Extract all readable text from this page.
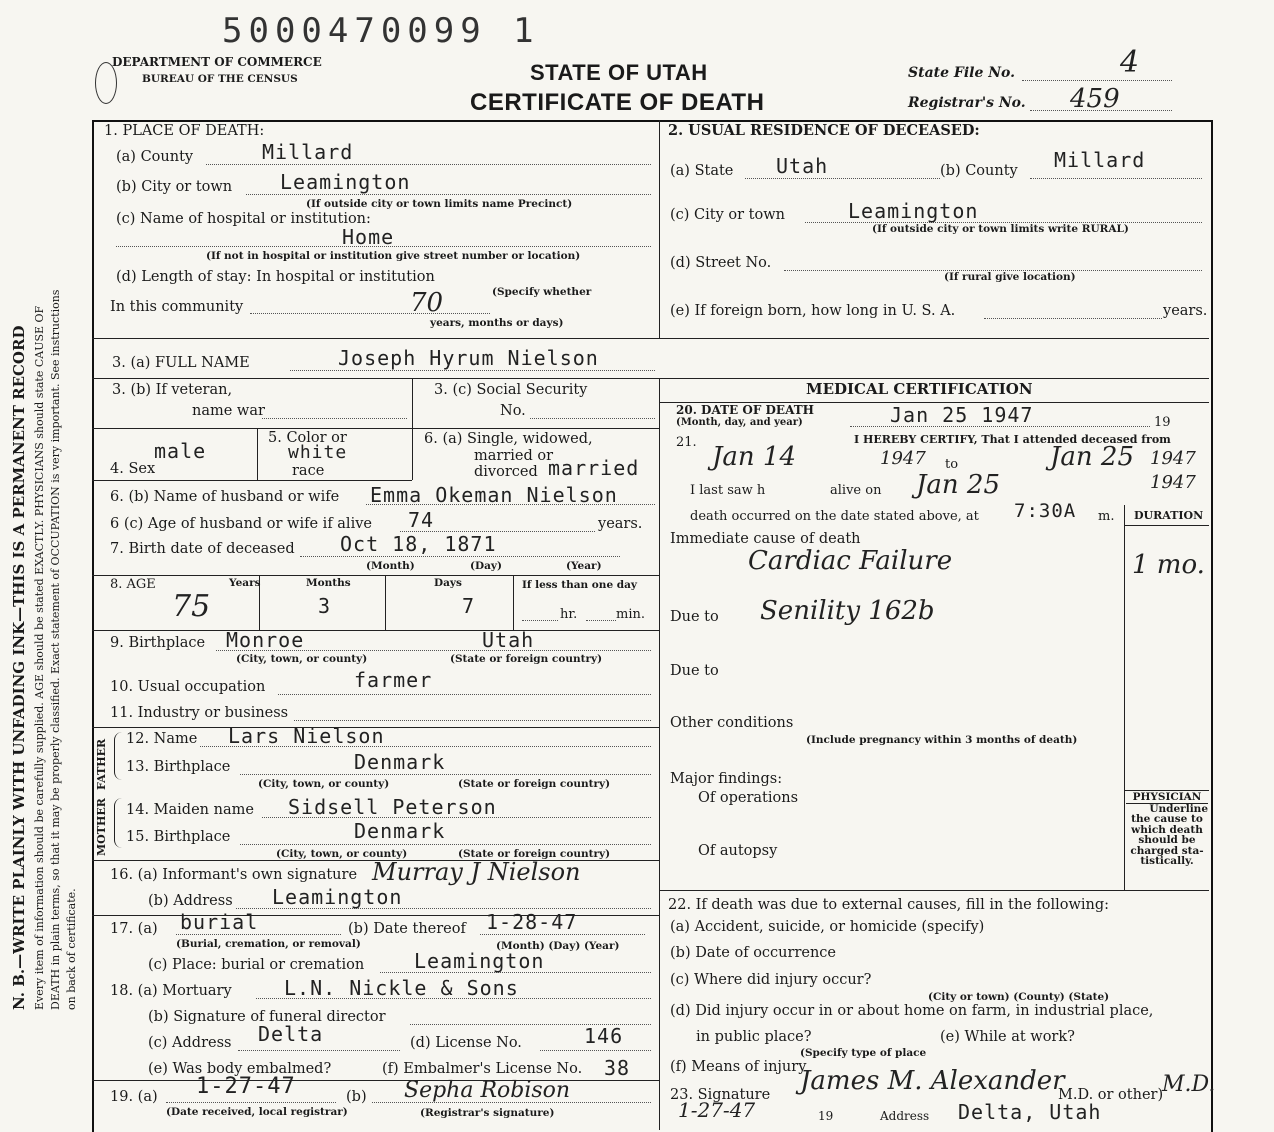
N. B.—WRITE PLAINLY WITH UNFADING INK—THIS IS A PERMANENT RECORD Every item of information should be carefully supplied. AGE should be stated EXACTLY. PHYSICIANS should state CAUSE OF DEATH in plain terms, so that it may be properly classified. Exact statement of OCCUPATION is very important. See instructions on back of certificate.
5000470099 1
DEPARTMENT OF COMMERCE
BUREAU OF THE CENSUS	STATE OF UTAH
CERTIFICATE OF DEATH
State File No.	4
Registrar's No. 459
1. PLACE OF DEATH:
(a) County	Millard
(b) City or town Leamington
(If outside city or town limits name Precinct)
(c) Name of hospital or institution:
Home
(If not in hospital or institution give street number or location)
(d) Length of stay: In hospital or institution
(Specify whether
In this community	70
years, months or days)
2. USUAL RESIDENCE OF DECEASED:
(a) State Utah	(b) County Millard
(c) City or town	Leamington
(If outside city or town limits write RURAL)
(d) Street No.
(If rural give location)
(e) If foreign born, how long in U. S. A.	years.
3. (a) FULL NAME	Joseph Hyrum Nielson
3. (b) If veteran,
name war
3. (c) Social Security
No.
male
4. Sex
5. Color or
white
race
6. (a) Single, widowed,
married or
divorced married
6. (b) Name of husband or wife Emma Okeman Nielson
6 (c) Age of husband or wife if alive 74	years.
7. Birth date of deceased Oct 18, 1871
(Month)	(Day)	(Year)
8. AGE	Years
75
Months
3
Days
7
If less than one day
hr.	min.
9. Birthplace Monroe	Utah
(City, town, or county)	(State or foreign country)
10. Usual occupation	farmer
11. Industry or business
FATHER
MOTHER
12. Name Lars Nielson
13. Birthplace	Denmark
(City, town, or county)	(State or foreign country)
14. Maiden name Sidsell Peterson
15. Birthplace	Denmark
(City, town, or county)	(State or foreign country)
16. (a) Informant's own signature Murray J Nielson
(b) Address Leamington
17. (a) burial
(Burial, cremation, or removal)
(b) Date thereof 1-28-47
(Month) (Day) (Year)
(c) Place: burial or cremation Leamington
18. (a) Mortuary	L.N. Nickle & Sons
(b) Signature of funeral director
(c) Address Delta	(d) License No.	146
(e) Was body embalmed?	(f) Embalmer's License No. 38
19. (a) 1-27-47
(Date received, local registrar)
(b) Sepha Robison
(Registrar's signature)
MEDICAL CERTIFICATION
20. DATE OF DEATH
(Month, day, and year)	Jan 25 1947	19
21.	I HEREBY CERTIFY, That I attended deceased from
Jan 14	1947 to	Jan 25 1947
I last saw h	alive on Jan 25	1947
death occurred on the date stated above, at 7:30A m. DURATION
Immediate cause of death
Cardiac Failure	1 mo.
Due to Senility 162b
Due to
Other conditions
(Include pregnancy within 3 months of death)
Major findings:
Of operations
Of autopsy
PHYSICIAN
Underline
the cause to
which death
should be
charged sta-
tistically.
22. If death was due to external causes, fill in the following:
(a) Accident, suicide, or homicide (specify)
(b) Date of occurrence
(c) Where did injury occur?
(City or town) (County) (State)
(d) Did injury occur in or about home on farm, in industrial place,
in public place?	(e) While at work?
(Specify type of place
(f) Means of injury
23. Signature James M. Alexander
M.D. or other)
M.D.
1-27-47	19	Address Delta, Utah
